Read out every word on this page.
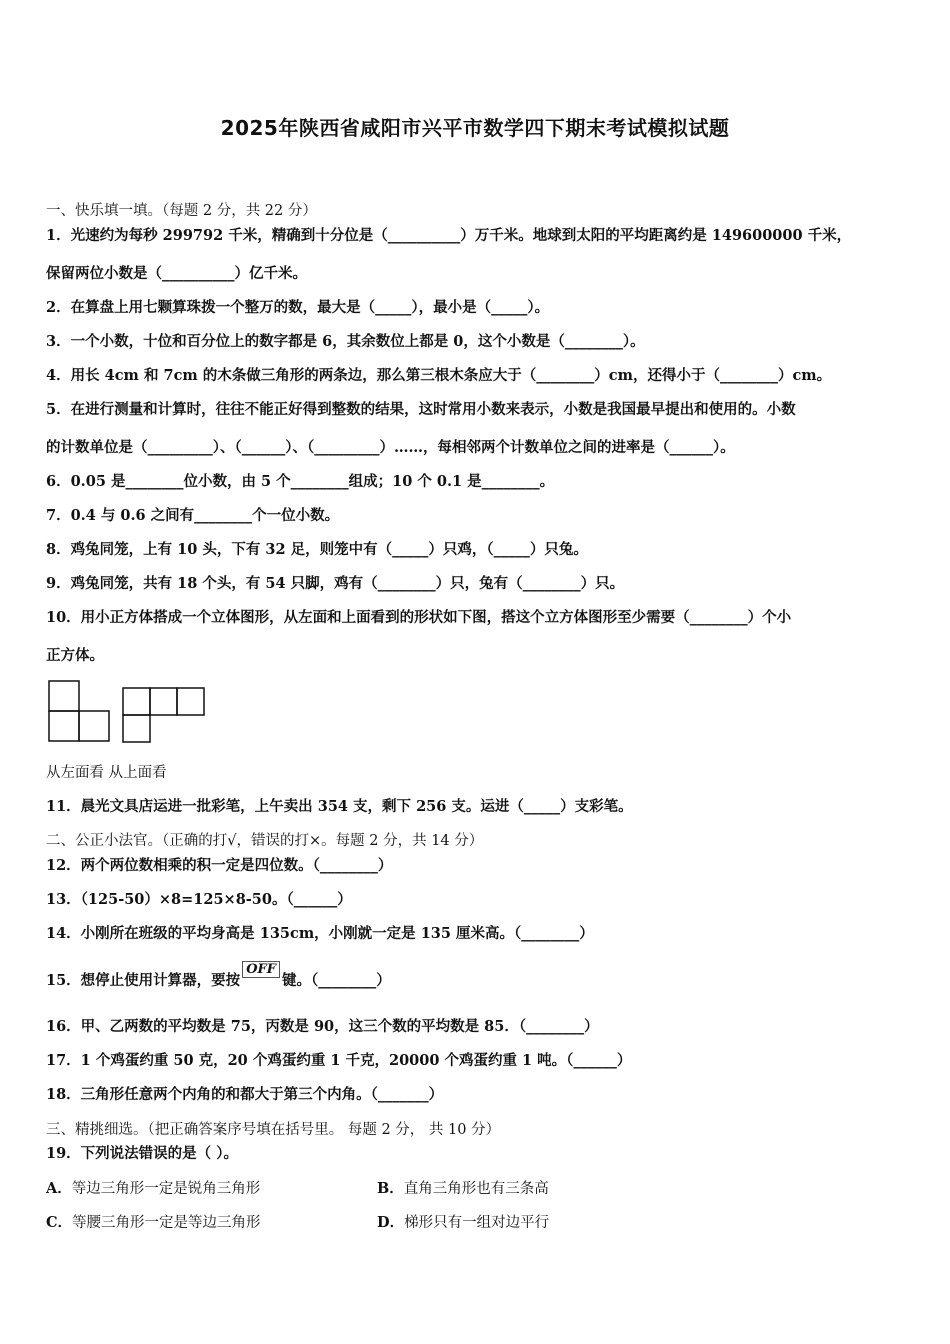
2025年陕西省咸阳市兴平市数学四下期末考试模拟试题
一、快乐填一填。（每题 2 分，共 22 分）
1．光速约为每秒 299792 千米，精确到十分位是（__________）万千米。地球到太阳的平均距离约是 149600000 千米，
保留两位小数是（__________）亿千米。
2．在算盘上用七颗算珠拨一个整万的数，最大是（_____），最小是（_____）。
3．一个小数，十位和百分位上的数字都是 6，其余数位上都是 0，这个小数是（________）。
4．用长 4cm 和 7cm 的木条做三角形的两条边，那么第三根木条应大于（________）cm，还得小于（________）cm。
5．在进行测量和计算时，往往不能正好得到整数的结果，这时常用小数来表示，小数是我国最早提出和使用的。小数
的计数单位是（_________）、（______）、（_________）……，每相邻两个计数单位之间的进率是（______）。
6．0.05 是________位小数，由 5 个________组成；10 个 0.1 是________。
7．0.4 与 0.6 之间有________个一位小数。
8．鸡兔同笼，上有 10 头，下有 32 足，则笼中有（_____）只鸡，（_____）只兔。
9．鸡兔同笼，共有 18 个头，有 54 只脚，鸡有（________）只，兔有（________）只。
10．用小正方体搭成一个立体图形，从左面和上面看到的形状如下图，搭这个立方体图形至少需要（________）个小
正方体。
从左面看 从上面看
11．晨光文具店运进一批彩笔，上午卖出 354 支，剩下 256 支。运进（_____）支彩笔。
二、公正小法官。（正确的打√，错误的打×。每题 2 分，共 14 分）
12．两个两位数相乘的积一定是四位数。（________）
13．（125-50）×8=125×8-50。（______）
14．小刚所在班级的平均身高是 135cm，小刚就一定是 135 厘米高。（________）
15．想停止使用计算器，要按OFF键。（________）
16．甲、乙两数的平均数是 75，丙数是 90，这三个数的平均数是 85．（________）
17．1 个鸡蛋约重 50 克，20 个鸡蛋约重 1 千克，20000 个鸡蛋约重 1 吨。（______）
18．三角形任意两个内角的和都大于第三个内角。（_______）
三、精挑细选。（把正确答案序号填在括号里。 每题 2 分， 共 10 分）
19．下列说法错误的是（ ）。
A．等边三角形一定是锐角三角形	B．直角三角形也有三条高
C．等腰三角形一定是等边三角形	D．梯形只有一组对边平行
